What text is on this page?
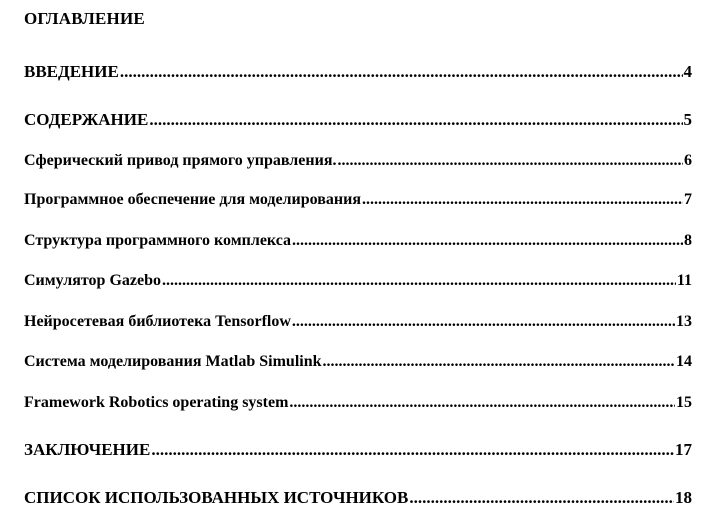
ОГЛАВЛЕНИЕ
ВВЕДЕНИЕ .....	4
СОДЕРЖАНИЕ .....	5
Сферический привод прямого управления. .....	6
Программное обеспечение для моделирования .....	7
Структура программного комплекса .....	8
Симулятор Gazebo .....	11
Нейросетевая библиотека Tensorflow .....	13
Система моделирования Matlab Simulink .....	14
Framework Robotics operating system .....	15
ЗАКЛЮЧЕНИЕ .....	17
СПИСОК ИСПОЛЬЗОВАННЫХ ИСТОЧНИКОВ .....	18
